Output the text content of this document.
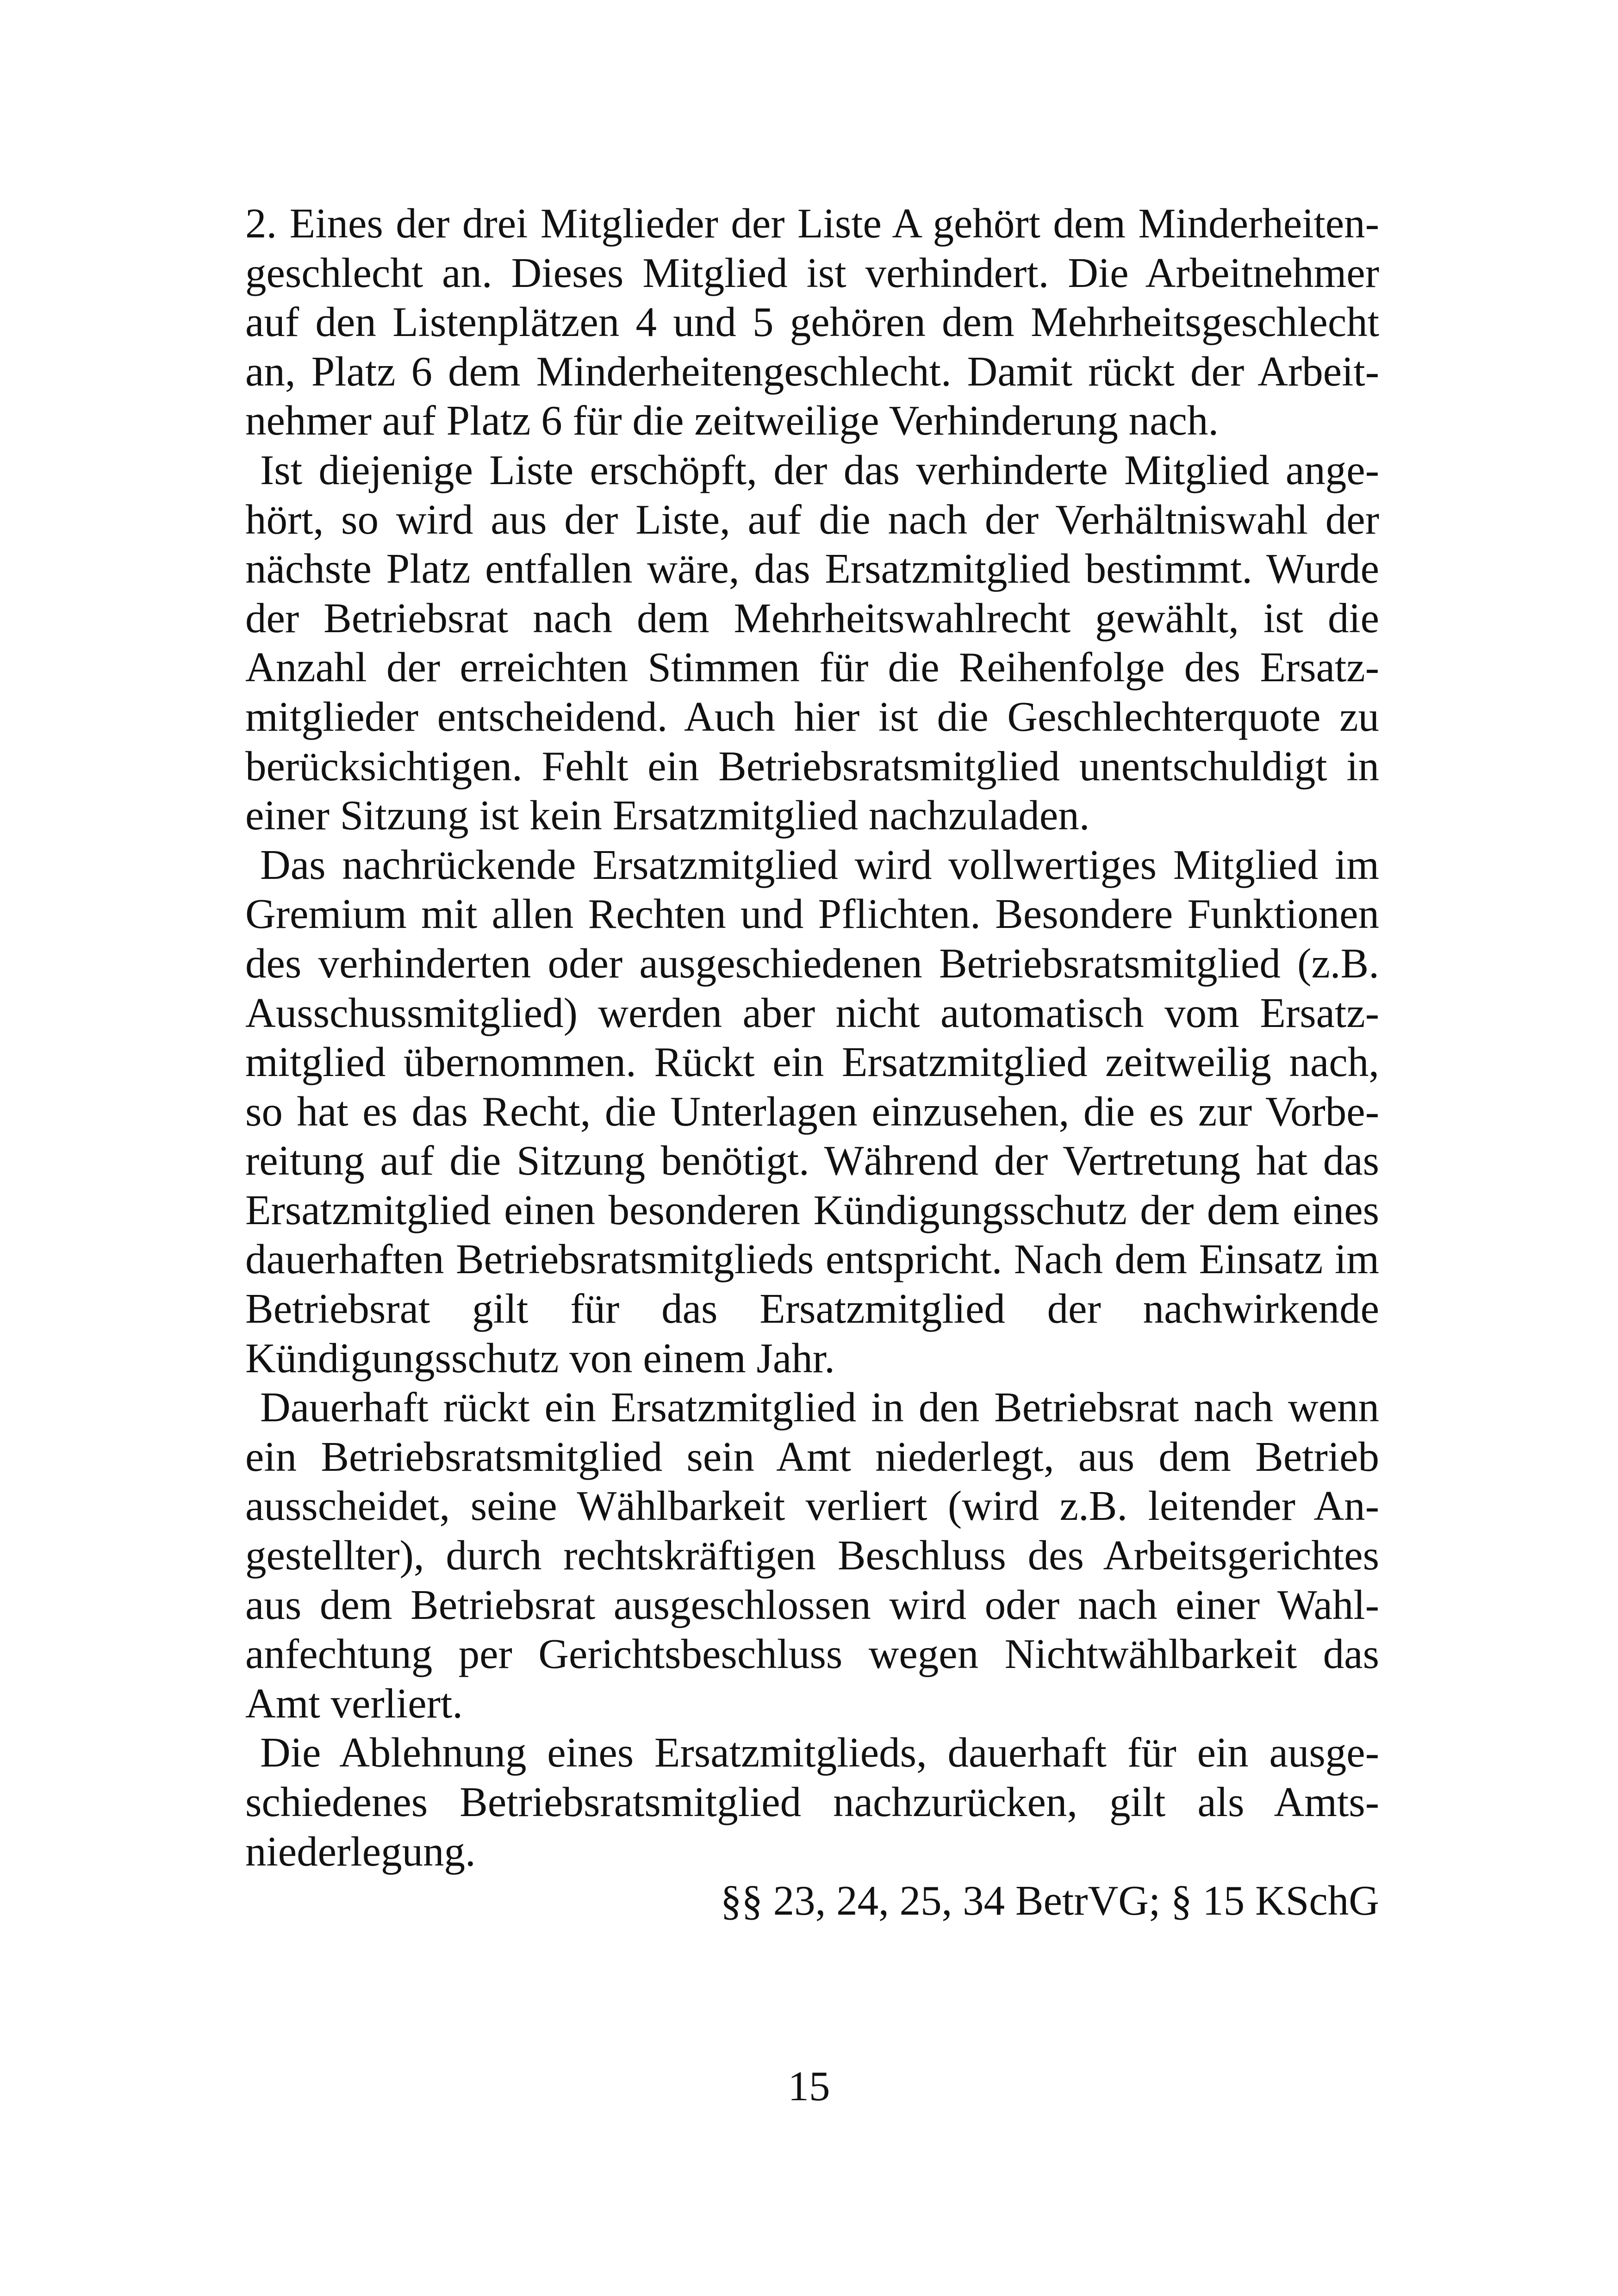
2. Eines der drei Mitglieder der Liste A gehört dem Minderheitengeschlecht an. Dieses Mitglied ist verhindert. Die Arbeitnehmer auf den Listenplätzen 4 und 5 gehören dem Mehrheitsgeschlecht an, Platz 6 dem Minderheitengeschlecht. Damit rückt der Arbeitnehmer auf Platz 6 für die zeitweilige Verhinderung nach.

Ist diejenige Liste erschöpft, der das verhinderte Mitglied angehört, so wird aus der Liste, auf die nach der Verhältniswahl der nächste Platz entfallen wäre, das Ersatzmitglied bestimmt. Wurde der Betriebsrat nach dem Mehrheitswahlrecht gewählt, ist die Anzahl der erreichten Stimmen für die Reihenfolge des Ersatzmitglieder entscheidend. Auch hier ist die Geschlechterquote zu berücksichtigen. Fehlt ein Betriebsratsmitglied unentschuldigt in einer Sitzung ist kein Ersatzmitglied nachzuladen.

Das nachrückende Ersatzmitglied wird vollwertiges Mitglied im Gremium mit allen Rechten und Pflichten. Besondere Funktionen des verhinderten oder ausgeschiedenen Betriebsratsmitglied (z.B. Ausschussmitglied) werden aber nicht automatisch vom Ersatzmitglied übernommen. Rückt ein Ersatzmitglied zeitweilig nach, so hat es das Recht, die Unterlagen einzusehen, die es zur Vorbereitung auf die Sitzung benötigt. Während der Vertretung hat das Ersatzmitglied einen besonderen Kündigungsschutz der dem eines dauerhaften Betriebsratsmitglieds entspricht. Nach dem Einsatz im Betriebsrat gilt für das Ersatzmitglied der nachwirkende Kündigungsschutz von einem Jahr.

Dauerhaft rückt ein Ersatzmitglied in den Betriebsrat nach wenn ein Betriebsratsmitglied sein Amt niederlegt, aus dem Betrieb ausscheidet, seine Wählbarkeit verliert (wird z.B. leitender Angestellter), durch rechtskräftigen Beschluss des Arbeitsgerichtes aus dem Betriebsrat ausgeschlossen wird oder nach einer Wahlanfechtung per Gerichtsbeschluss wegen Nichtwählbarkeit das Amt verliert.

Die Ablehnung eines Ersatzmitglieds, dauerhaft für ein ausgeschiedenes Betriebsratsmitglied nachzurücken, gilt als Amtsniederlegung.

§§ 23, 24, 25, 34 BetrVG; § 15 KSchG

15
